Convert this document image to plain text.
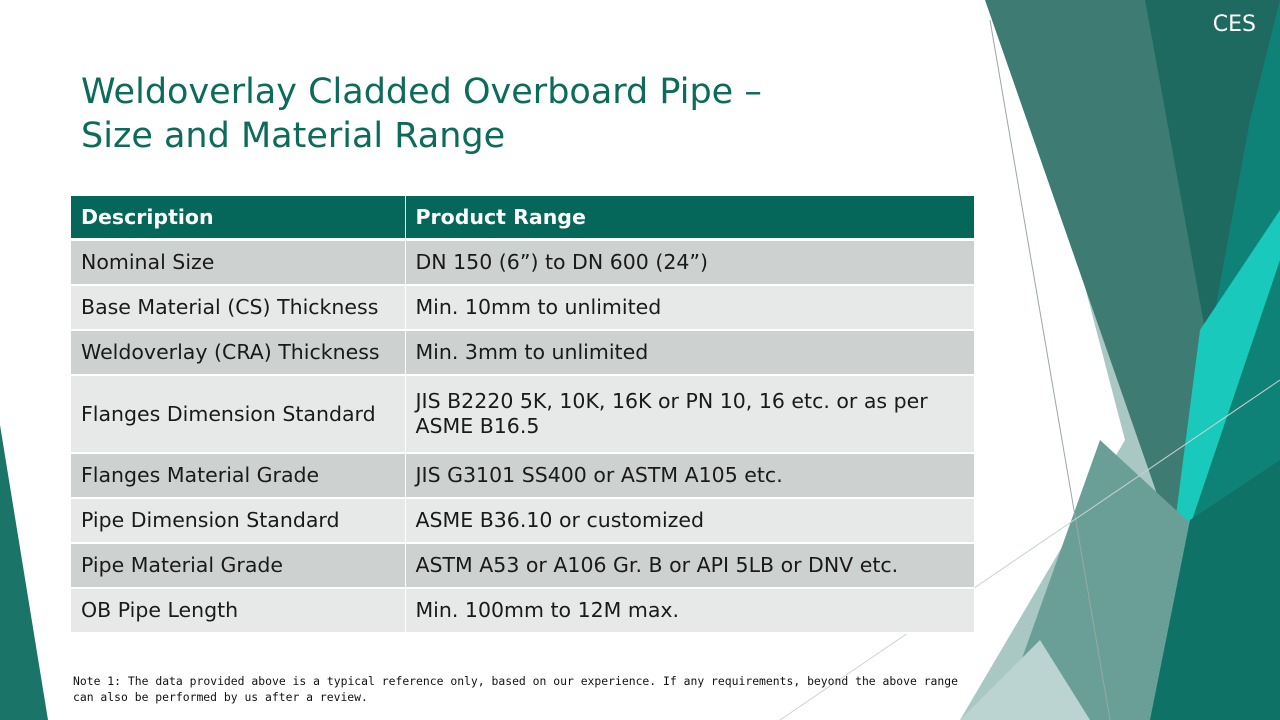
CES
Weldoverlay Cladded Overboard Pipe –
Size and Material Range
Description	Product Range
Nominal Size	DN 150 (6”) to DN 600 (24”)
Base Material (CS) Thickness	Min. 10mm to unlimited
Weldoverlay (CRA) Thickness	Min. 3mm to unlimited
Flanges Dimension Standard	JIS B2220 5K, 10K, 16K or PN 10, 16 etc. or as per ASME B16.5
Flanges Material Grade	JIS G3101 SS400 or ASTM A105 etc.
Pipe Dimension Standard	ASME B36.10 or customized
Pipe Material Grade	ASTM A53 or A106 Gr. B or API 5LB or DNV etc.
OB Pipe Length	Min. 100mm to 12M max.
Note 1: The data provided above is a typical reference only, based on our experience. If any requirements, beyond the above range can also be performed by us after a review.
